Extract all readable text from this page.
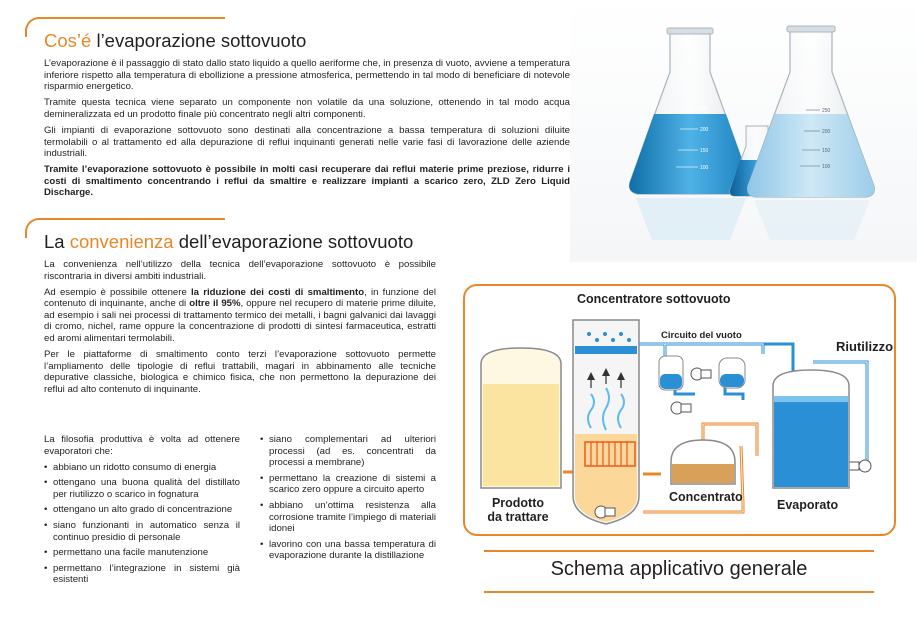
Cos’é l’evaporazione sottovuoto

L’evaporazione è il passaggio di stato dallo stato liquido a quello aeriforme che, in presenza di vuoto, avviene a temperatura inferiore rispetto alla temperatura di ebollizione a pressione atmosferica, permettendo in tal modo di beneficiare di notevole risparmio energetico.

Tramite questa tecnica viene separato un componente non volatile da una soluzione, ottenendo in tal modo acqua demineralizzata ed un prodotto finale più concentrato negli altri componenti.

Gli impianti di evaporazione sottovuoto sono destinati alla concentrazione a bassa temperatura di soluzioni diluite termolabili o al trattamento ed alla depurazione di reflui inquinanti generati nelle varie fasi di lavorazione delle aziende industriali.

Tramite l’evaporazione sottovuoto è possibile in molti casi recuperare dai reflui materie prime preziose, ridurre i costi di smaltimento concentrando i reflui da smaltire e realizzare impianti a scarico zero, ZLD Zero Liquid Discharge.

250
200
150
100
250
200
150
100
La convenienza dell’evaporazione sottovuoto

La convenienza nell’utilizzo della tecnica dell’evaporazione sottovuoto è possibile riscontraria in diversi ambiti industriali.

Ad esempio è possibile ottenere la riduzione dei costi di smaltimento, in funzione del contenuto di inquinante, anche di oltre il 95%, oppure nel recupero di materie prime diluite, ad esempio i sali nei processi di trattamento termico dei metalli, i bagni galvanici dai lavaggi di cromo, nichel, rame oppure la concentrazione di prodotti di sintesi farmaceutica, estratti ed aromi alimentari termolabili.

Per le piattaforme di smaltimento conto terzi l’evaporazione sottovuoto permette l’ampliamento delle tipologie di reflui trattabili, magari in abbinamento alle tecniche depurative classiche, biologica e chimico fisica, che non permettono la depurazione dei reflui ad alto contenuto di inquinante.

La filosofia produttiva è volta ad ottenere evaporatori che:

• abbiano un ridotto consumo di energia
• ottengano una buona qualità del distillato per riutilizzo o scarico in fognatura
• ottengano un alto grado di concentrazione
• siano funzionanti in automatico senza il continuo presidio di personale
• permettano una facile manutenzione
• permettano l’integrazione in sistemi già esistenti
• siano complementari ad ulteriori processi (ad es. concentrati da processi a membrane)
• permettano la creazione di sistemi a scarico zero oppure a circuito aperto
• abbiano un’ottima resistenza alla corrosione tramite l’impiego di materiali idonei
• lavorino con una bassa temperatura di evaporazione durante la distillazione
Concentratore sottovuoto
Circuito del vuoto
Riutilizzo
Prodotto
da trattare
Concentrato
Evaporato
Schema applicativo generale
